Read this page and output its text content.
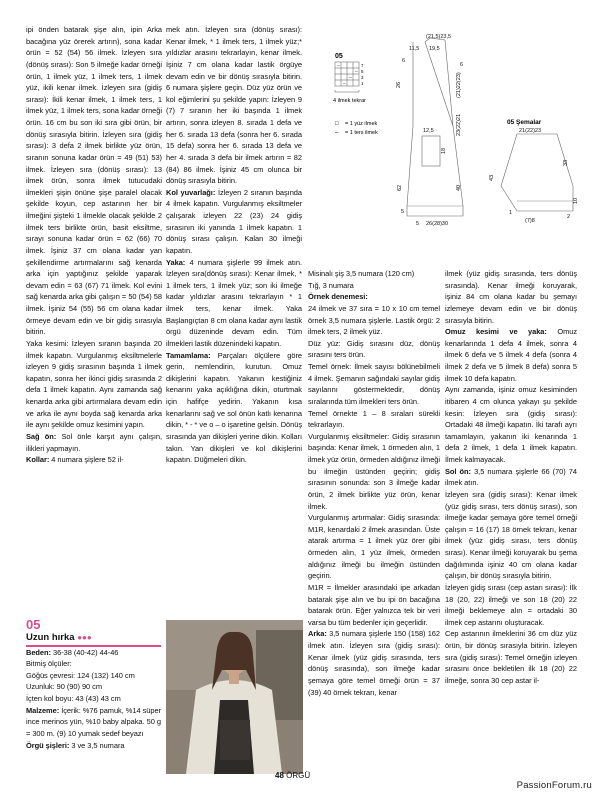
ipi önden batarak şişe alın, ipin Arka bacağına yüz örerek artırın), sona kadar örün = 52 (54) 56 ilmek. İzleyen sıra (dönüş sırası): Son 5 ilmeğe kadar örneği örün, 1 ilmek yüz, 1 ilmek ters, 1 ilmek yüz, ikili kenar ilmek. İzleyen sıra (gidiş sırası): İkili kenar ilmek, 1 ilmek ters, 1 ilmek yüz, 1 ilmek ters, sona kadar örneği örün. 16 cm bu son iki sıra gibi örün, bir dönüş sırasıyla bitirin. İzleyen sıra (gidiş sırası): 3 defa 2 ilmek birlikte yüz örün, sıranın sonuna kadar örün = 49 (51) 53) ilmek. İzleyen sıra (dönüş sırası): 13 ilmek örün, sonra ilmek tutucudaki ilmekleri şişin önüne şişe paralel olacak şekilde koyun, cep astarının her bir ilmeğini şişteki 1 ilmekle olacak şekilde 2 ilmek ters birlikte örün, basit eksiltme, sırayı sonuna kadar örün = 62 (66) 70 ilmek. İşiniz 37 cm olana kadar yan şekillendirme artırmalarını sağ kenarda arka için yaptığınız şekilde yaparak devam edin = 63 (67) 71 ilmek. Kol evini sağ kenarda arka gibi çalışın = 50 (54) 58 ilmek. İşiniz 54 (55) 56 cm olana kadar örmeye devam edin ve bir gidiş sırasıyla bitirin.

Yaka kesimi: İzleyen sıranın başında 20 ilmek kapatın. Vurgulanmış eksiltmelerle izleyen 9 gidiş sırasının başında 1 ilmek kapatın, sonra her ikinci gidiş sırasında 2 defa 1 ilmek kapatın. Aynı zamanda sağ kenarda arka gibi artırmalara devam edin ve arka ile aynı boyda sağ kenarda arka ile aynı şekilde omuz kesimini yapın.

Sağ ön: Sol önle karşıt aynı çalışın, ilikleri yapmayın.

Kollar: 4 numara şişlere 52 il-

05
Uzun hırka ●●●

Beden: 36-38 (40-42) 44-46

Bitmiş ölçüler:

Göğüs çevresi: 124 (132) 140 cm

Uzunluk: 90 (90) 90 cm

İçten kol boyu: 43 (43) 43 cm

Malzeme: İçerik: %76 pamuk, %14 süper ince merinos yün, %10 baby alpaka. 50 g = 300 m. (9) 10 yumak sedef beyazı

Örgü şişleri: 3 ve 3,5 numara

mek atın. İzleyen sıra (dönüş sırası): Kenar ilmek, * 1 ilmek ters, 1 ilmek yüz;* yıldızlar arasını tekrarlayın, kenar ilmek. İşiniz 7 cm olana kadar lastik örgüye devam edin ve bir dönüş sırasıyla bitirin. 6 numara şişlere geçin. Düz yüz örün ve kol eğimlerini şu şekilde yapın: İzleyen 9 (7) 7 sıranın her iki başında 1 ilmek artırın, sonra izleyen 8. sırada 1 defa ve her 6. sırada 13 defa (sonra her 6. sırada 15 defa) sonra her 6. sırada 13 defa ve her 4. sırada 3 defa bir ilmek artırın = 82 (84) 86 ilmek. İşiniz 45 cm olunca bir dönüş sırasıyla bitirin.

Kol yuvarlağı: İzleyen 2 sıranın başında 4 ilmek kapatın. Vurgulanmış eksiltmeler çalışarak izleyen 22 (23) 24 gidiş sırasının iki yanında 1 ilmek kapatın. 1 dönüş sırası çalışın. Kalan 30 ilmeği kapatın.

Yaka: 4 numara şişlerle 99 ilmek atın. İzleyen sıra(dönüş sırası): Kenar ilmek, * 1 ilmek ters, 1 ilmek yüz; son iki ilmeğe kadar yıldızlar arasını tekrarlayın * 1 ilmek ters, kenar ilmek. Yaka Başlangıçtan 8 cm olana kadar aynı lastik örgü düzeninde devam edin. Tüm ilmekleri lastik düzenindeki kapatın.

Tamamlama: Parçaları ölçülere göre gerin, nemlendirin, kurutun. Omuz dikişlerini kapatın. Yakanın kestiğiniz kenarını yaka açıklığına dikin, oturtmak için hafifçe yedirin. Yakanın kısa kenarlarını sağ ve sol önün katlı kenarına dikin, * - * ve o – o işaretine gelsin. Dönüş sırasında yan dikişleri yerine dikin. Kolları takın. Yan dikişleri ve kol dikişlerini kapatın. Düğmeleri dikin.

05
–
–
–
–
7
5
3
1
4 ilmek tekrar
□ = 1 yüz ilmek
– = 1 ters ilmek
(21,5)23,5
11,5 19,5
6
26
62
5
(21)22(23)
23(22)21
40
6
12,5
18
5 26(28)30
05 Şemalar
21(22)23
33
43
10
1
2
(7)8

Misinalı şiş 3,5 numara (120 cm)

Tığ, 3 numara

Örnek denemesi:

24 ilmek ve 37 sıra = 10 x 10 cm temel örnek 3,5 numara şişlerle. Lastik örgü: 2 ilmek ters, 2 ilmek yüz.

Düz yüz: Gidiş sırasını düz, dönüş sırasını ters örün.

Temel örnek: İlmek sayısı bölünebilmeli 4 ilmek. Şemanın sağındaki sayılar gidiş sayılarını göstermektedir, dönüş sıralarında tüm ilmekleri ters örün.

Temel örnekte 1 – 8 sıraları sürekli tekrarlayın.

Vurgulanmış eksiltmeler: Gidiş sırasının başında: Kenar ilmek, 1 örmeden alın, 1 ilmek yüz örün, örmeden aldığınız ilmeği bu ilmeğin üstünden geçirin; gidiş sırasının sonunda: son 3 ilmeğe kadar örün, 2 ilmek birlikte yüz örün, kenar ilmek.

Vurgulanmış artırmalar: Gidiş sırasında: M1R, kenardaki 2 ilmek arasından. Üste atarak artırma = 1 ilmek yüz örer gibi örmeden alın, 1 yüz ilmek, örmeden aldığınız ilmeği bu ilmeğin üstünden geçirin.

M1R = İlmekler arasındaki ipe arkadan batarak şişe alın ve bu ipi ön bacağına batarak örün. Eğer yalnızca tek bir veri varsa bu tüm bedenler için geçerlidir.

Arka: 3,5 numara şişlerle 150 (158) 162 ilmek atın. İzleyen sıra (gidiş sırası): Kenar ilmek (yüz gidiş sırasında, ters dönüş sırasında), son ilmeğe kadar şemaya göre temel örneği örün = 37 (39) 40 örnek tekrarı, kenar

ilmek (yüz gidiş sırasında, ters dönüş sırasında). Kenar ilmeği koruyarak, işiniz 84 cm olana kadar bu şemayı izlemeye devam edin ve bir dönüş sırasıyla bitirin.

Omuz kesimi ve yaka: Omuz kenarlarında 1 defa 4 ilmek, sonra 4 ilmek 6 defa ve 5 ilmek 4 defa (sonra 4 ilmek 2 defa ve 5 ilmek 8 defa) sonra 5 ilmek 10 defa kapatın.

Aynı zamanda, işiniz omuz kesiminden itibaren 4 cm olunca yakayı şu şekilde kesin: İzleyen sıra (gidiş sırası): Ortadaki 48 ilmeği kapatın. İki tarafı ayrı tamamlayın, yakanın iki kenarında 1 defa 2 ilmek, 1 defa 1 ilmek kapatın. İlmek kalmayacak.

Sol ön: 3,5 numara şişlerle 66 (70) 74 ilmek atın.

İzleyen sıra (gidiş sırası): Kenar ilmek (yüz gidiş sırası, ters dönüş sırası), son ilmeğe kadar şemaya göre temel örneği çalışın = 16 (17) 18 örnek tekrarı, kenar ilmek (yüz gidiş sırası, ters dönüş sırası). Kenar ilmeği koruyarak bu şema dağılımında işiniz 40 cm olana kadar çalışın, bir dönüş sırasıyla bitirin.

İzleyen gidiş sırası (cep astarı sırası): İlk 18 (20, 22) ilmeği ve son 18 (20) 22 ilmeği beklemeye alın = ortadaki 30 ilmek cep astarını oluşturacak.

Cep astarının ilmeklerini 36 cm düz yüz örün, bir dönüş sırasıyla bitirin. İzleyen sıra (gidiş sırası): Temel örneğin izleyen sırasını önce bekletilen ilk 18 (20) 22 ilmeğe, sonra 30 cep astar il-

48 ÖRGÜ
PassionForum.ru
